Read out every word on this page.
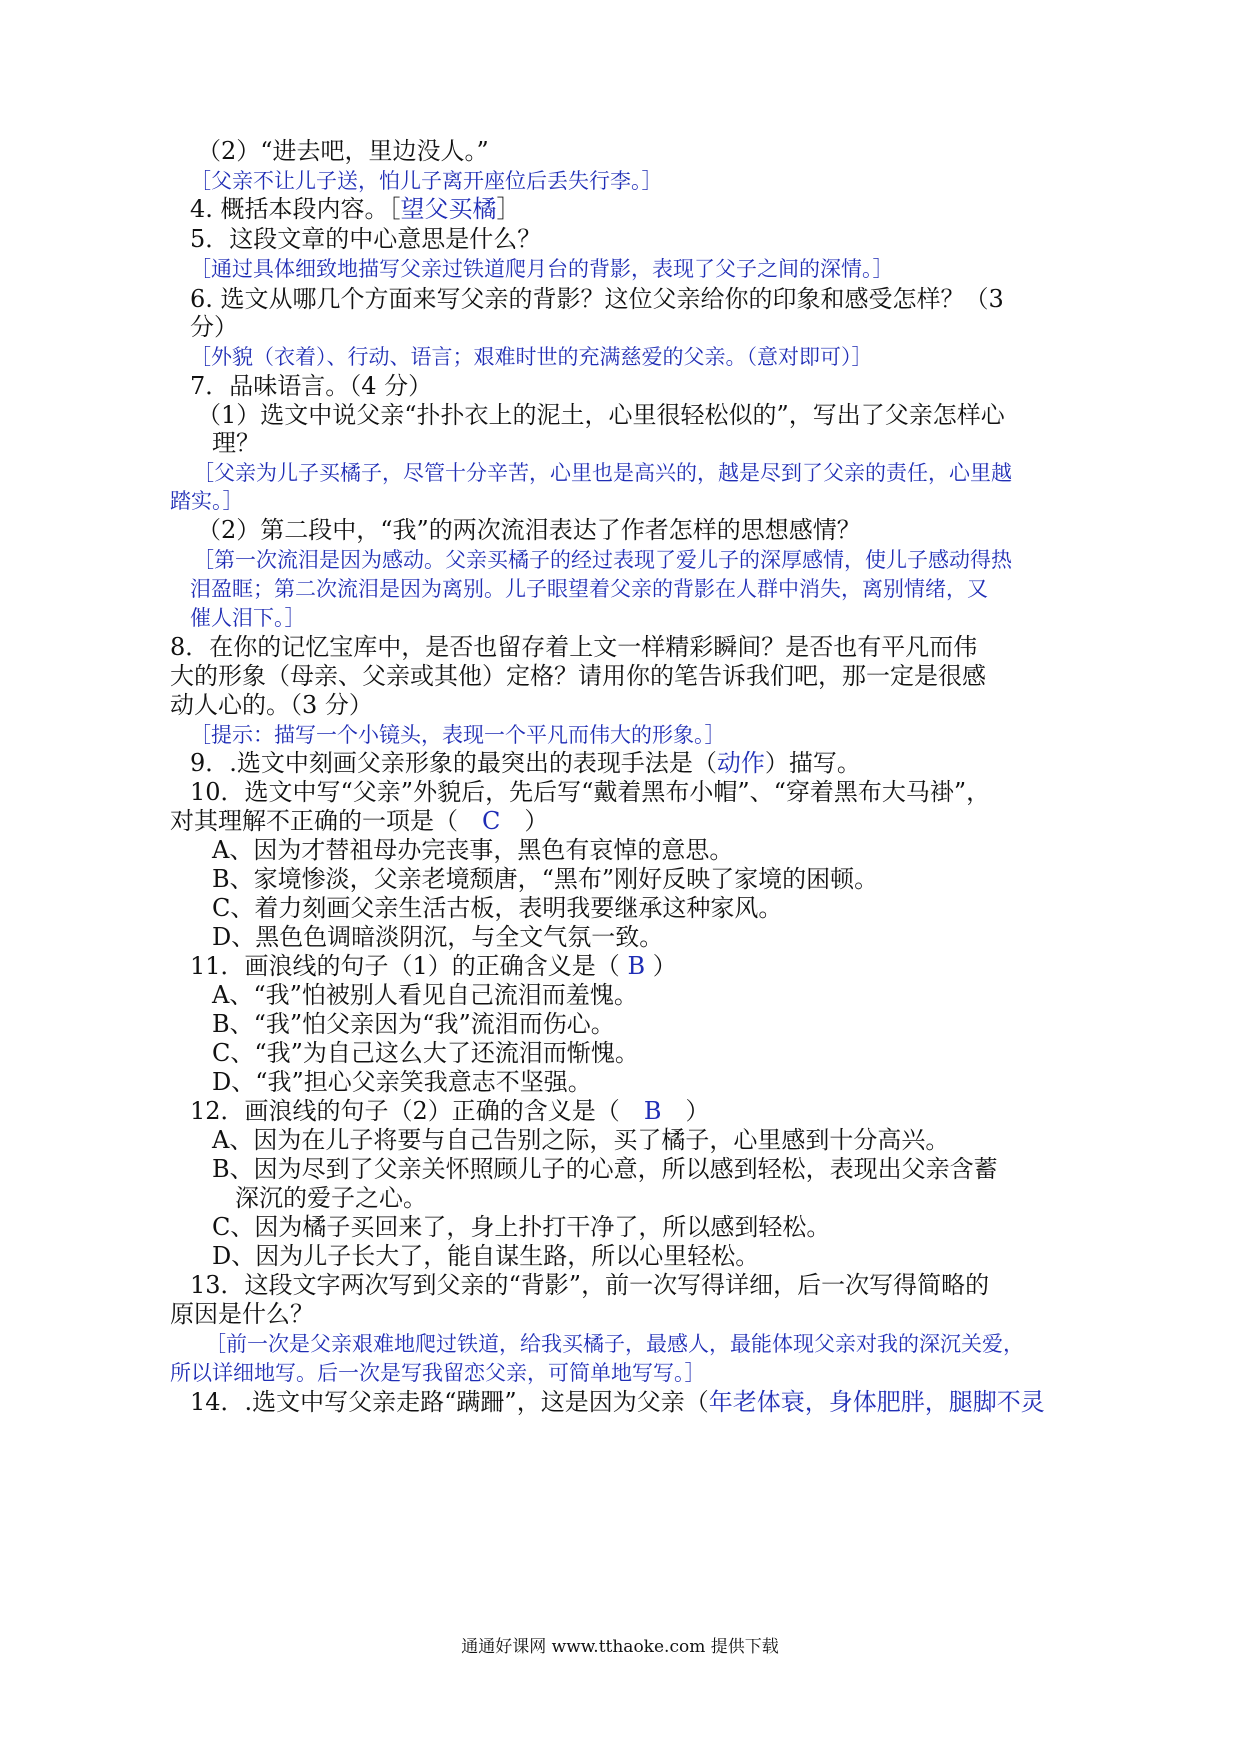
（2）“进去吧，里边没人。”
［父亲不让儿子送，怕儿子离开座位后丢失行李。］
4. 概括本段内容。［望父买橘］
5．这段文章的中心意思是什么？
［通过具体细致地描写父亲过铁道爬月台的背影，表现了父子之间的深情。］
6. 选文从哪几个方面来写父亲的背影？这位父亲给你的印象和感受怎样？（3
分）
［外貌（衣着）、行动、语言；艰难时世的充满慈爱的父亲。（意对即可）］
7．品味语言。（4 分）
（1）选文中说父亲“扑扑衣上的泥土，心里很轻松似的”，写出了父亲怎样心
理？
［父亲为儿子买橘子，尽管十分辛苦，心里也是高兴的，越是尽到了父亲的责任，心里越
踏实。］
（2）第二段中，“我”的两次流泪表达了作者怎样的思想感情？
［第一次流泪是因为感动。父亲买橘子的经过表现了爱儿子的深厚感情，使儿子感动得热
泪盈眶；第二次流泪是因为离别。儿子眼望着父亲的背影在人群中消失，离别情绪，又
催人泪下。］
8．在你的记忆宝库中，是否也留存着上文一样精彩瞬间？是否也有平凡而伟
大的形象（母亲、父亲或其他）定格？请用你的笔告诉我们吧，那一定是很感
动人心的。（3 分）
［提示：描写一个小镜头，表现一个平凡而伟大的形象。］
9．.选文中刻画父亲形象的最突出的表现手法是（动作）描写。
10．选文中写“父亲”外貌后，先后写“戴着黑布小帽”、“穿着黑布大马褂”，
对其理解不正确的一项是（　C　）
A、因为才替祖母办完丧事，黑色有哀悼的意思。
B、家境惨淡，父亲老境颓唐，“黑布”刚好反映了家境的困顿。
C、着力刻画父亲生活古板，表明我要继承这种家风。
D、黑色色调暗淡阴沉，与全文气氛一致。
11．画浪线的句子（1）的正确含义是（ B ）
A、“我”怕被别人看见自己流泪而羞愧。
B、“我”怕父亲因为“我”流泪而伤心。
C、“我”为自己这么大了还流泪而惭愧。
D、“我”担心父亲笑我意志不坚强。
12．画浪线的句子（2）正确的含义是（　B　）
A、因为在儿子将要与自己告别之际，买了橘子，心里感到十分高兴。
B、因为尽到了父亲关怀照顾儿子的心意，所以感到轻松，表现出父亲含蓄
深沉的爱子之心。
C、因为橘子买回来了，身上扑打干净了，所以感到轻松。
D、因为儿子长大了，能自谋生路，所以心里轻松。
13．这段文字两次写到父亲的“背影”，前一次写得详细，后一次写得简略的
原因是什么？
［前一次是父亲艰难地爬过铁道，给我买橘子，最感人，最能体现父亲对我的深沉关爱，
所以详细地写。后一次是写我留恋父亲，可简单地写写。］
14．.选文中写父亲走路“蹒跚”，这是因为父亲（年老体衰，身体肥胖，腿脚不灵
通通好课网 www.tthaoke.com 提供下载
